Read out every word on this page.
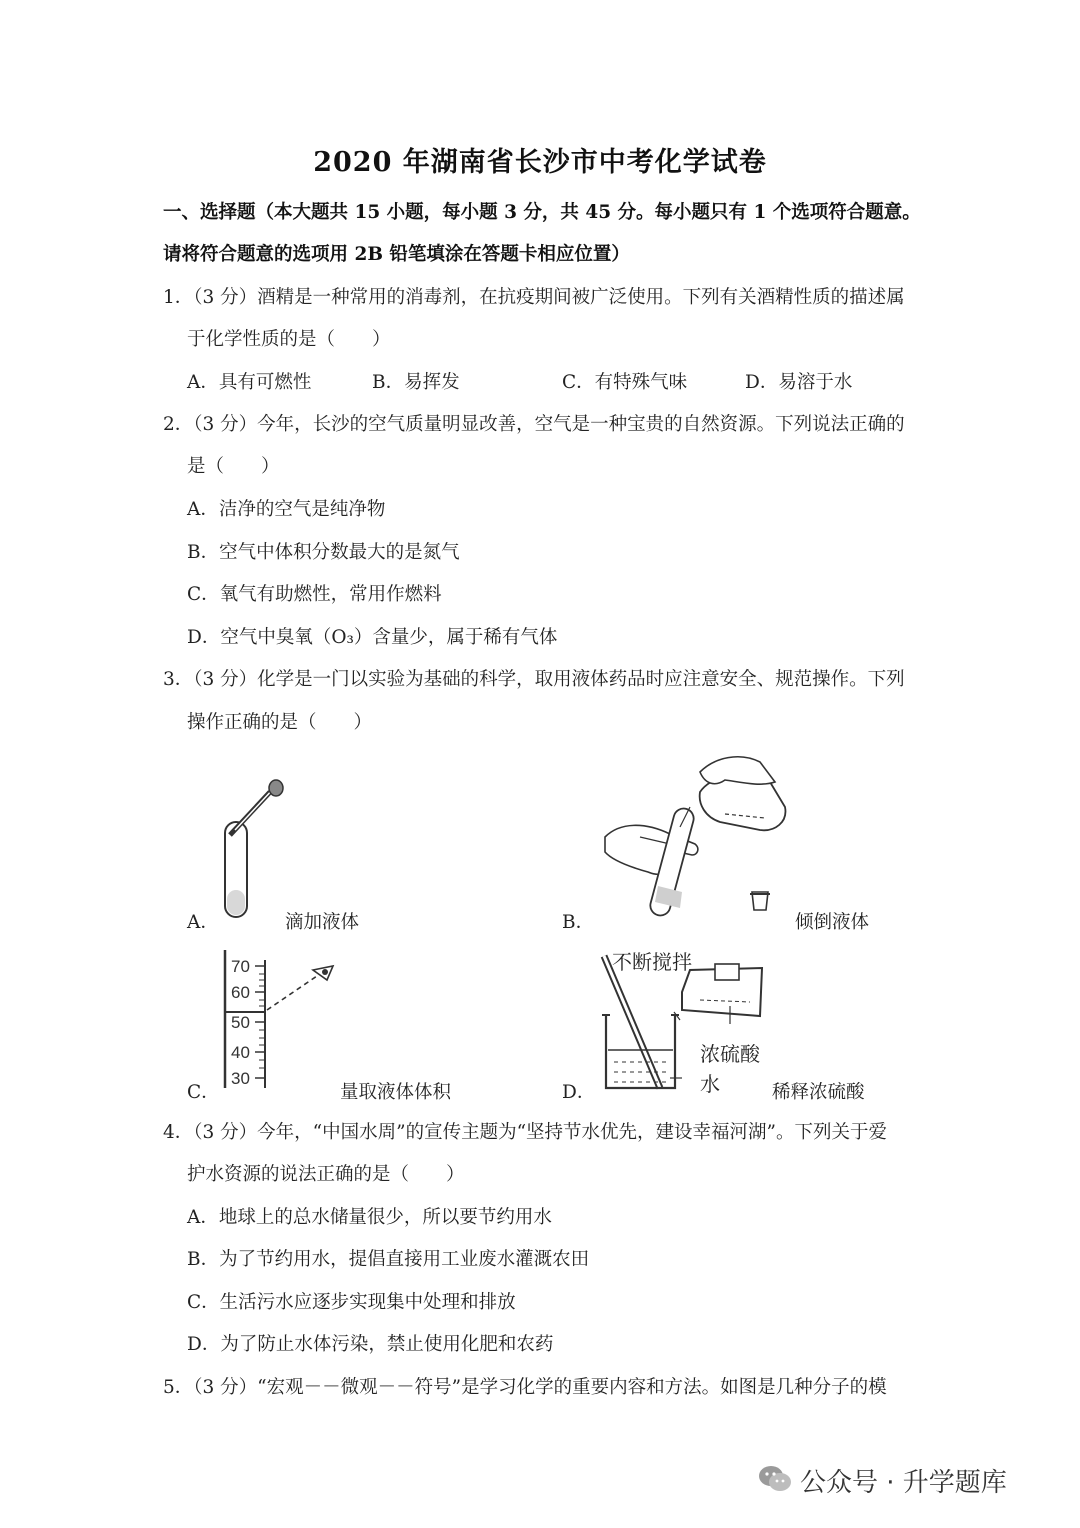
2020 年湖南省长沙市中考化学试卷
一、选择题（本大题共 15 小题，每小题 3 分，共 45 分。每小题只有 1 个选项符合题意。
请将符合题意的选项用 2B 铅笔填涂在答题卡相应位置）
1．（3 分）酒精是一种常用的消毒剂，在抗疫期间被广泛使用。下列有关酒精性质的描述属
于化学性质的是（　　）
A．具有可燃性	B．易挥发	C．有特殊气味	D．易溶于水
2．（3 分）今年，长沙的空气质量明显改善，空气是一种宝贵的自然资源。下列说法正确的
是（　　）
A．洁净的空气是纯净物
B．空气中体积分数最大的是氮气
C．氧气有助燃性，常用作燃料
D．空气中臭氧（O₃）含量少，属于稀有气体
3．（3 分）化学是一门以实验为基础的科学，取用液体药品时应注意安全、规范操作。下列
操作正确的是（　　）
A．	滴加液体	B．	倾倒液体
70
60
50
40
30
C．	量取液体体积
不断搅拌
浓硫酸
水
D．	稀释浓硫酸
4．（3 分）今年，“中国水周”的宣传主题为“坚持节水优先，建设幸福河湖”。下列关于爱
护水资源的说法正确的是（　　）
A．地球上的总水储量很少，所以要节约用水
B．为了节约用水，提倡直接用工业废水灌溉农田
C．生活污水应逐步实现集中处理和排放
D．为了防止水体污染，禁止使用化肥和农药
5．（3 分）“宏观－－微观－－符号”是学习化学的重要内容和方法。如图是几种分子的模
公众号 · 升学题库
